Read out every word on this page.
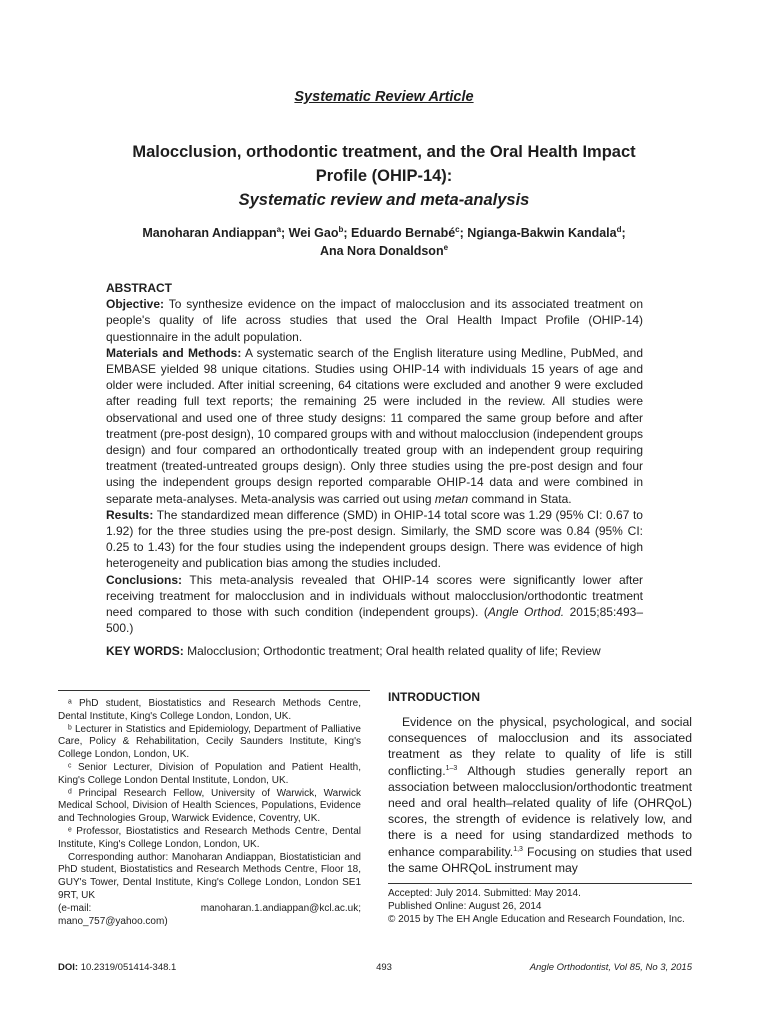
Systematic Review Article
Malocclusion, orthodontic treatment, and the Oral Health Impact
Profile (OHIP-14):
Systematic review and meta-analysis
Manoharan Andiappan$^a$; Wei Gao$^b$; Eduardo Bernabé$^c$; Ngianga-Bakwin Kandala$^d$;
Ana Nora Donaldson$^e$
ABSTRACT

Objective: To synthesize evidence on the impact of malocclusion and its associated treatment on people's quality of life across studies that used the Oral Health Impact Profile (OHIP-14) questionnaire in the adult population.

Materials and Methods: A systematic search of the English literature using Medline, PubMed, and EMBASE yielded 98 unique citations. Studies using OHIP-14 with individuals 15 years of age and older were included. After initial screening, 64 citations were excluded and another 9 were excluded after reading full text reports; the remaining 25 were included in the review. All studies were observational and used one of three study designs: 11 compared the same group before and after treatment (pre-post design), 10 compared groups with and without malocclusion (independent groups design) and four compared an orthodontically treated group with an independent group requiring treatment (treated-untreated groups design). Only three studies using the pre-post design and four using the independent groups design reported comparable OHIP-14 data and were combined in separate meta-analyses. Meta-analysis was carried out using metan command in Stata.

Results: The standardized mean difference (SMD) in OHIP-14 total score was 1.29 (95% CI: 0.67 to 1.92) for the three studies using the pre-post design. Similarly, the SMD score was 0.84 (95% CI: 0.25 to 1.43) for the four studies using the independent groups design. There was evidence of high heterogeneity and publication bias among the studies included.

Conclusions: This meta-analysis revealed that OHIP-14 scores were significantly lower after receiving treatment for malocclusion and in individuals without malocclusion/orthodontic treatment need compared to those with such condition (independent groups). (Angle Orthod. 2015;85:493–500.)

KEY WORDS: Malocclusion; Orthodontic treatment; Oral health related quality of life; Review

ᵃ PhD student, Biostatistics and Research Methods Centre, Dental Institute, King's College London, London, UK.

ᵇ Lecturer in Statistics and Epidemiology, Department of Palliative Care, Policy & Rehabilitation, Cecily Saunders Institute, King's College London, London, UK.

ᶜ Senior Lecturer, Division of Population and Patient Health, King's College London Dental Institute, London, UK.

ᵈ Principal Research Fellow, University of Warwick, Warwick Medical School, Division of Health Sciences, Populations, Evidence and Technologies Group, Warwick Evidence, Coventry, UK.

ᵉ Professor, Biostatistics and Research Methods Centre, Dental Institute, King's College London, London, UK.

Corresponding author: Manoharan Andiappan, Biostatistician and PhD student, Biostatistics and Research Methods Centre, Floor 18, GUY's Tower, Dental Institute, King's College London, London SE1 9RT, UK

(e-mail: manoharan.1.andiappan@kcl.ac.uk; mano_757@yahoo.com)

INTRODUCTION

Evidence on the physical, psychological, and social consequences of malocclusion and its associated treatment as they relate to quality of life is still conflicting.$^{1-3}$ Although studies generally report an association between malocclusion/orthodontic treatment need and oral health–related quality of life (OHRQoL) scores, the strength of evidence is relatively low, and there is a need for using standardized methods to enhance comparability.$^{1,3}$ Focusing on studies that used the same OHRQoL instrument may

Accepted: July 2014. Submitted: May 2014.

Published Online: August 26, 2014

© 2015 by The EH Angle Education and Research Foundation, Inc.

DOI: 10.2319/051414-348.1	493	Angle Orthodontist, Vol 85, No 3, 2015
